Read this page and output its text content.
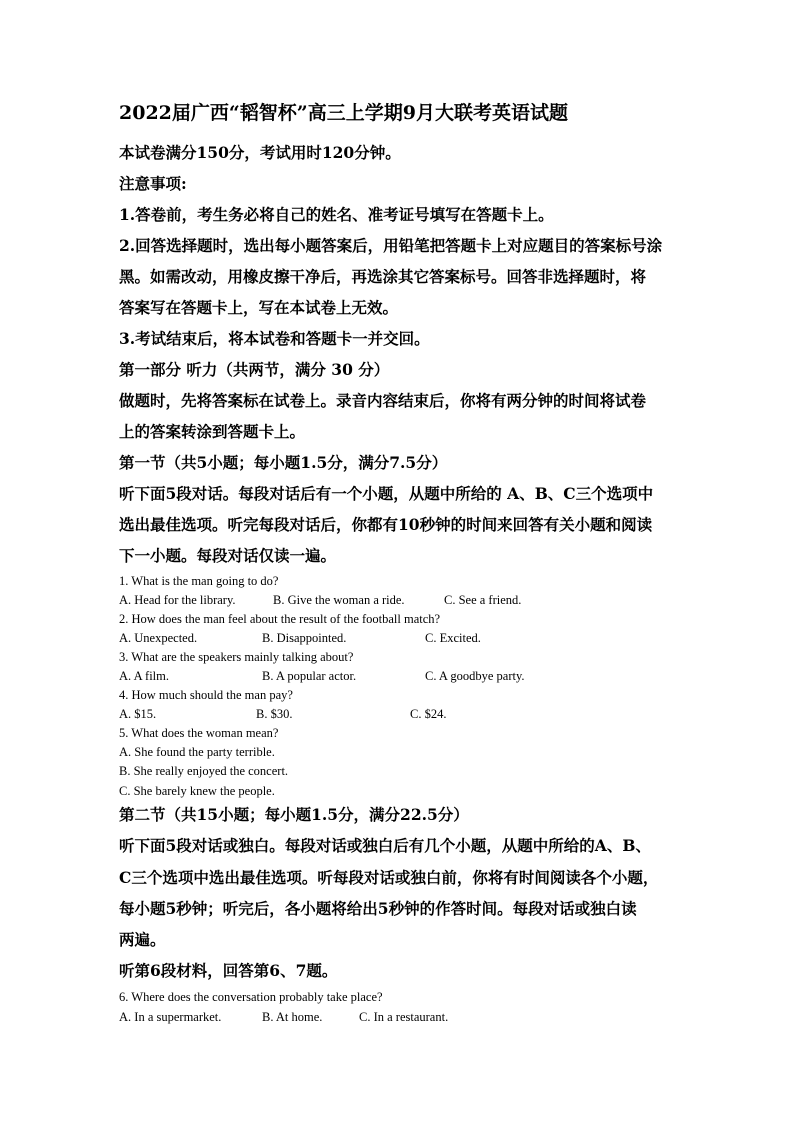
2022届广西“韬智杯”高三上学期9月大联考英语试题
本试卷满分150分，考试用时120分钟。
注意事项:
1.答卷前，考生务必将自己的姓名、准考证号填写在答题卡上。
2.回答选择题时，选出每小题答案后，用铅笔把答题卡上对应题目的答案标号涂
黑。如需改动，用橡皮擦干净后，再选涂其它答案标号。回答非选择题时，将
答案写在答题卡上，写在本试卷上无效。
3.考试结束后，将本试卷和答题卡一并交回。
第一部分 听力（共两节，满分 30 分）
做题时，先将答案标在试卷上。录音内容结束后，你将有两分钟的时间将试卷
上的答案转涂到答题卡上。
第一节（共5小题；每小题1.5分，满分7.5分）
听下面5段对话。每段对话后有一个小题，从题中所给的 A、B、C三个选项中
选出最佳选项。听完每段对话后，你都有10秒钟的时间来回答有关小题和阅读
下一小题。每段对话仅读一遍。
1. What is the man going to do?
A. Head for the library.	B. Give the woman a ride.	C. See a friend.
2. How does the man feel about the result of the football match?
A. Unexpected.	B. Disappointed.	C. Excited.
3. What are the speakers mainly talking about?
A. A film.	B. A popular actor.	C. A goodbye party.
4. How much should the man pay?
A. $15.	B. $30.	C. $24.
5. What does the woman mean?
A. She found the party terrible.
B. She really enjoyed the concert.
C. She barely knew the people.
第二节（共15小题；每小题1.5分，满分22.5分）
听下面5段对话或独白。每段对话或独白后有几个小题，从题中所给的A、B、
C三个选项中选出最佳选项。听每段对话或独白前，你将有时间阅读各个小题，
每小题5秒钟；听完后，各小题将给出5秒钟的作答时间。每段对话或独白读
两遍。
听第6段材料，回答第6、7题。
6. Where does the conversation probably take place?
A. In a supermarket.	B. At home.	C. In a restaurant.
